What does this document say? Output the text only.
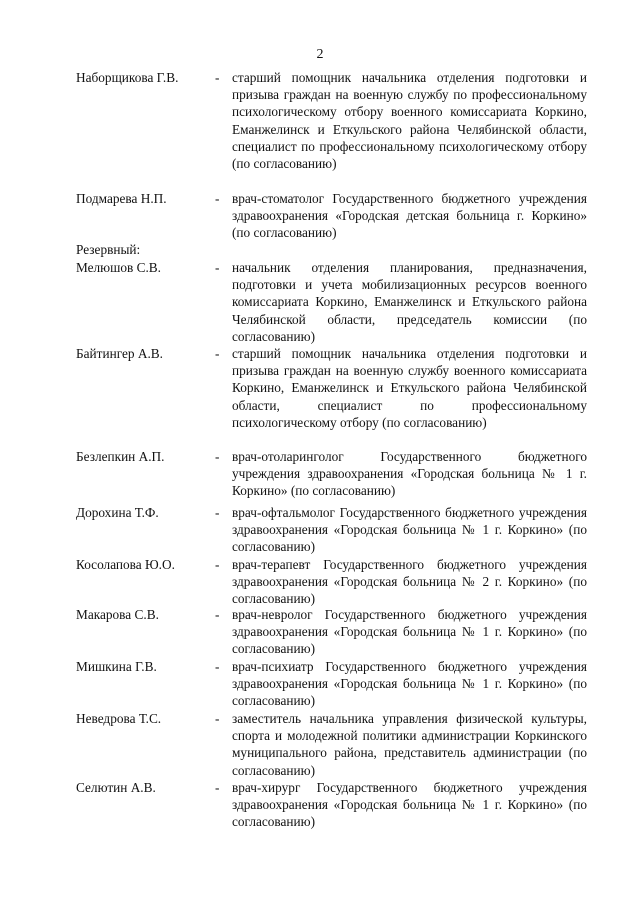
2
Наборщикова Г.В.	- старший помощник начальника отделения подготовки и призыва граждан на военную службу по профессиональному психологическому отбору военного комиссариата Коркино, Еманжелинск и Еткульского района Челябинской области, специалист по профессиональному психологическому отбору (по согласованию)
Подмарева Н.П.	- врач-стоматолог Государственного бюджетного учреждения здравоохранения «Городская детская больница г. Коркино» (по согласованию)
Резервный:
Мелюшов С.В.	- начальник отделения планирования, предназначения, подготовки и учета мобилизационных ресурсов военного комиссариата Коркино, Еманжелинск и Еткульского района Челябинской области, председатель комиссии (по согласованию)
Байтингер А.В.	- старший помощник начальника отделения подготовки и призыва граждан на военную службу военного комиссариата Коркино, Еманжелинск и Еткульского района Челябинской области, специалист по профессиональному психологическому отбору (по согласованию)
Безлепкин А.П.	- врач-отоларинголог Государственного бюджетного учреждения здравоохранения «Городская больница № 1 г. Коркино» (по согласованию)
Дорохина Т.Ф.	- врач-офтальмолог Государственного бюджетного учреждения здравоохранения «Городская больница № 1 г. Коркино» (по согласованию)
Косолапова Ю.О.	- врач-терапевт Государственного бюджетного учреждения здравоохранения «Городская больница № 2 г. Коркино» (по согласованию)
Макарова С.В.	- врач-невролог Государственного бюджетного учреждения здравоохранения «Городская больница № 1 г. Коркино» (по согласованию)
Мишкина Г.В.	- врач-психиатр Государственного бюджетного учреждения здравоохранения «Городская больница № 1 г. Коркино» (по согласованию)
Неведрова Т.С.	- заместитель начальника управления физической культуры, спорта и молодежной политики администрации Коркинского муниципального района, представитель администрации (по согласованию)
Селютин А.В.	- врач-хирург Государственного бюджетного учреждения здравоохранения «Городская больница № 1 г. Коркино» (по согласованию)
